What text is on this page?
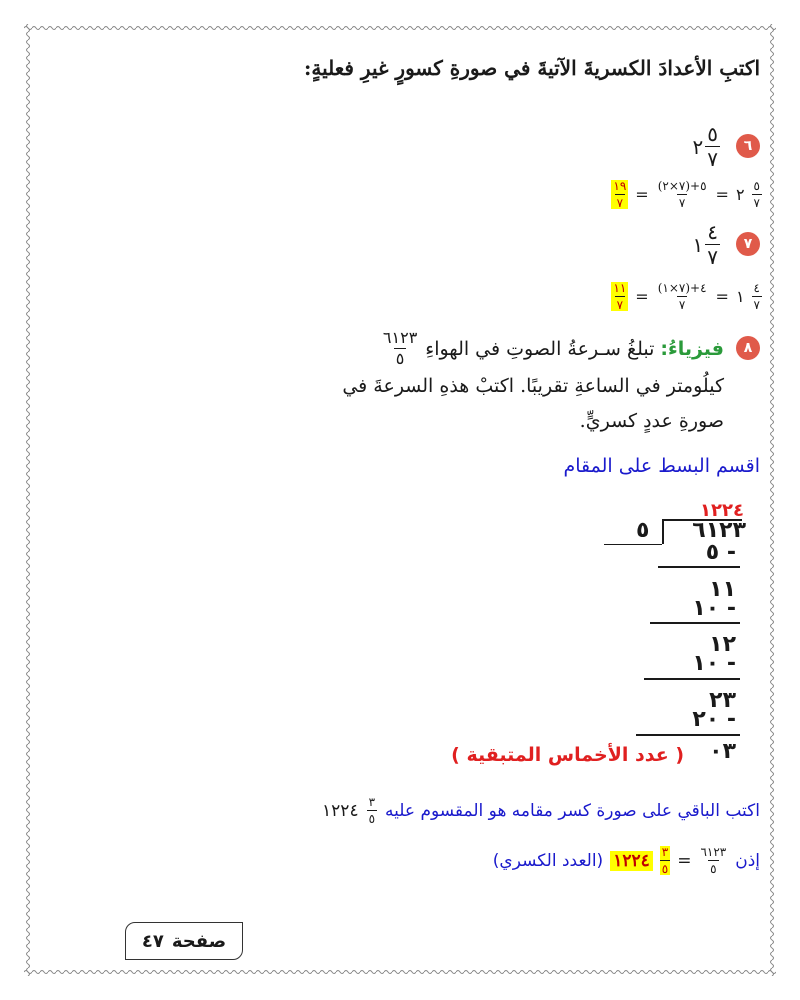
اكتبِ الأعدادَ الكسريةَ الآتيةَ في صورةِ كسورٍ غيرِ فعليةٍ:
٦
٢ $\frac{٥}{٧}$
$\frac{٥}{٧}$
٢
=
$\frac{(٧\times ٢)+٥}{٧}$
=
$\frac{١٩}{٧}$
٧
١ $\frac{٤}{٧}$
$\frac{٤}{٧}$
١
=
$\frac{(٧\times ١)+٤}{٧}$
=
$\frac{١١}{٧}$
٨
فيزياءُ:
تبلغُ سـرعةُ الصوتِ في الهواءِ
$\frac{٦١٢٣}{٥}$
كيلُومتر في الساعةِ تقريبًا. اكتبْ هذهِ السرعةَ في
صورةِ عددٍ كسريٍّ.
اقسم البسط على المقام
١٢٢٤
٥	٦١٢٣
- ٥
١١
- ١٠
١٢
- ١٠
٢٣
- ٢٠
٠٣
( عدد الأخماس المتبقية )
اكتب الباقي على صورة كسر مقامه هو المقسوم عليه
$\frac{٣}{٥}$
١٢٢٤
إذن
$\frac{٦١٢٣}{٥}$
=
$\frac{٣}{٥}$
١٢٢٤
(العدد الكسري)
صفحة
٤٧
